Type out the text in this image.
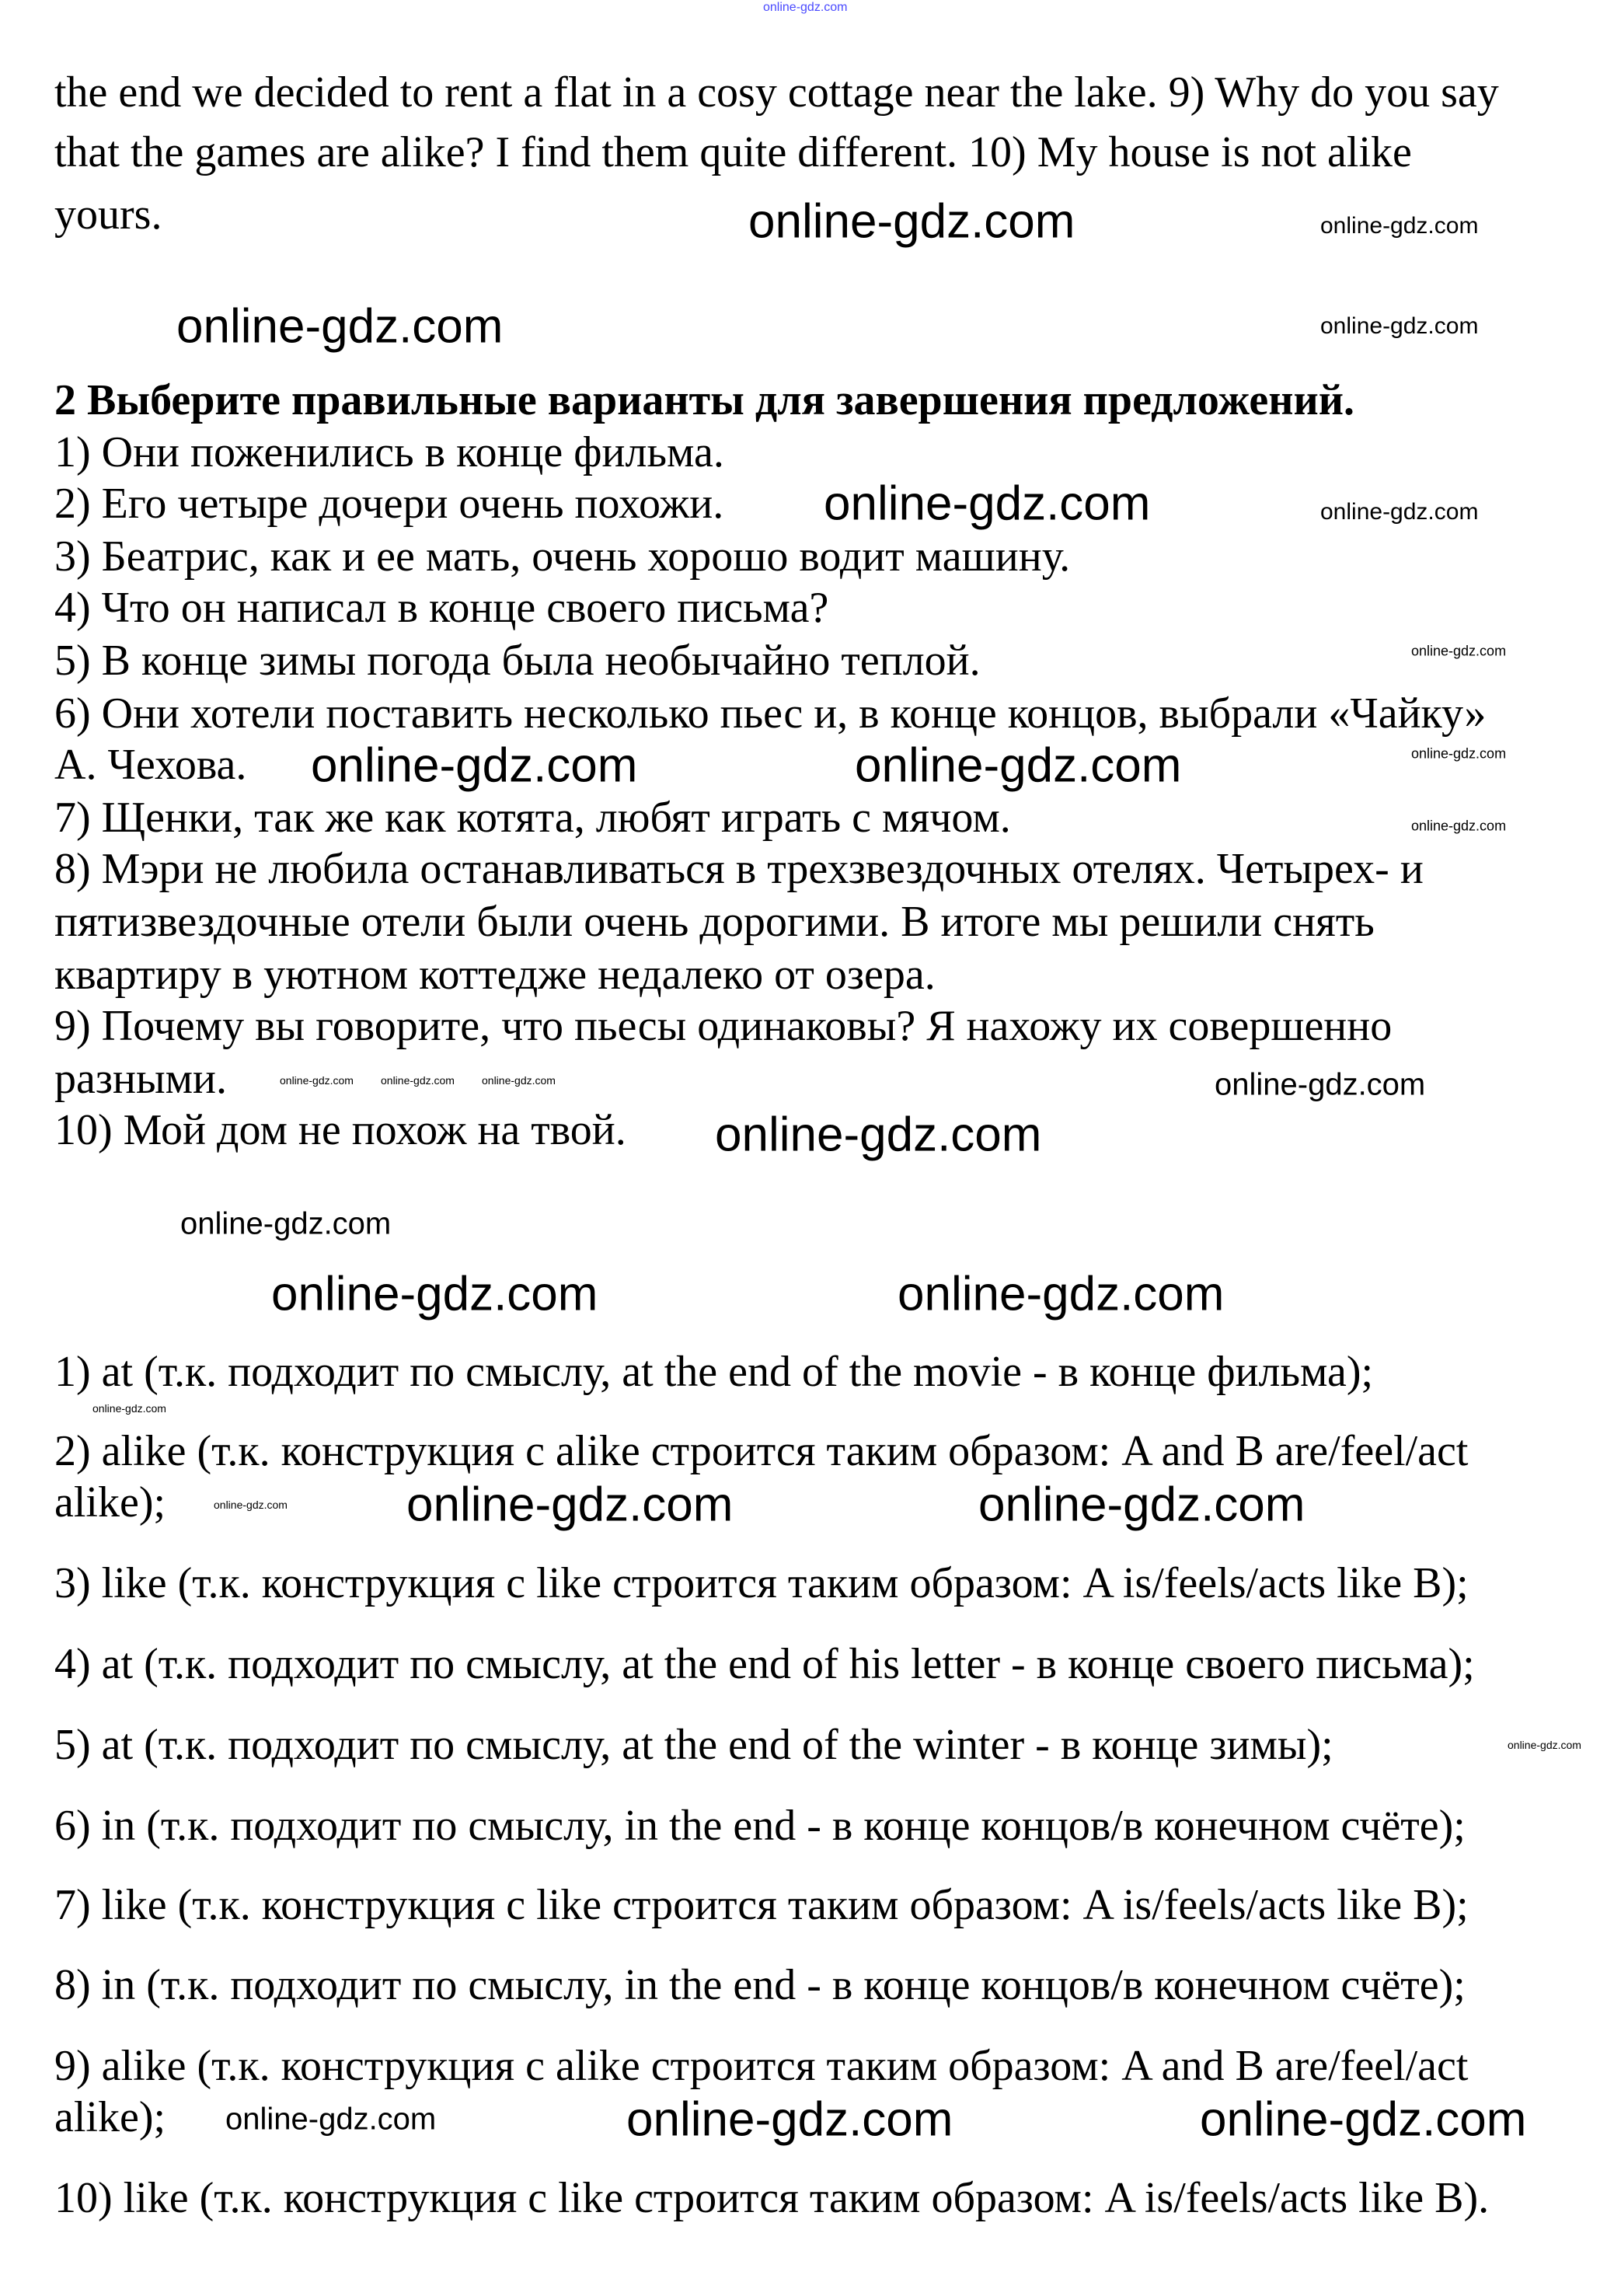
the end we decided to rent a flat in a cosy cottage near the lake. 9) Why do you say
that the games are alike? I find them quite different. 10) My house is not alike
yours.
2 Выберите правильные варианты для завершения предложений.
1) Они поженились в конце фильма.
2) Его четыре дочери очень похожи.
3) Беатрис, как и ее мать, очень хорошо водит машину.
4) Что он написал в конце своего письма?
5) В конце зимы погода была необычайно теплой.
6) Они хотели поставить несколько пьес и, в конце концов, выбрали «Чайку»
А. Чехова.
7) Щенки, так же как котята, любят играть с мячом.
8) Мэри не любила останавливаться в трехзвездочных отелях. Четырех- и
пятизвездочные отели были очень дорогими. В итоге мы решили снять
квартиру в уютном коттедже недалеко от озера.
9) Почему вы говорите, что пьесы одинаковы? Я нахожу их совершенно
разными.
10) Мой дом не похож на твой.
1) at (т.к. подходит по смыслу, at the end of the movie - в конце фильма);
2) alike (т.к. конструкция с alike строится таким образом: A and B are/feel/act
alike);
3) like (т.к. конструкция с like строится таким образом: A is/feels/acts like B);
4) at (т.к. подходит по смыслу, at the end of his letter - в конце своего письма);
5) at (т.к. подходит по смыслу, at the end of the winter - в конце зимы);
6) in (т.к. подходит по смыслу, in the end - в конце концов/в конечном счёте);
7) like (т.к. конструкция с like строится таким образом: A is/feels/acts like B);
8) in (т.к. подходит по смыслу, in the end - в конце концов/в конечном счёте);
9) alike (т.к. конструкция с alike строится таким образом: A and B are/feel/act
alike);
10) like (т.к. конструкция с like строится таким образом: A is/feels/acts like B).
online-gdz.com
online-gdz.com	online-gdz.com
online-gdz.com	online-gdz.com
online-gdz.com	online-gdz.com
online-gdz.com
online-gdz.com
online-gdz.com	online-gdz.com
online-gdz.com
online-gdz.com	online-gdz.com	online-gdz.com	online-gdz.com
online-gdz.com
online-gdz.com
online-gdz.com	online-gdz.com
online-gdz.com
online-gdz.com online-gdz.com	online-gdz.com
online-gdz.com
online-gdz.com	online-gdz.com	online-gdz.com
